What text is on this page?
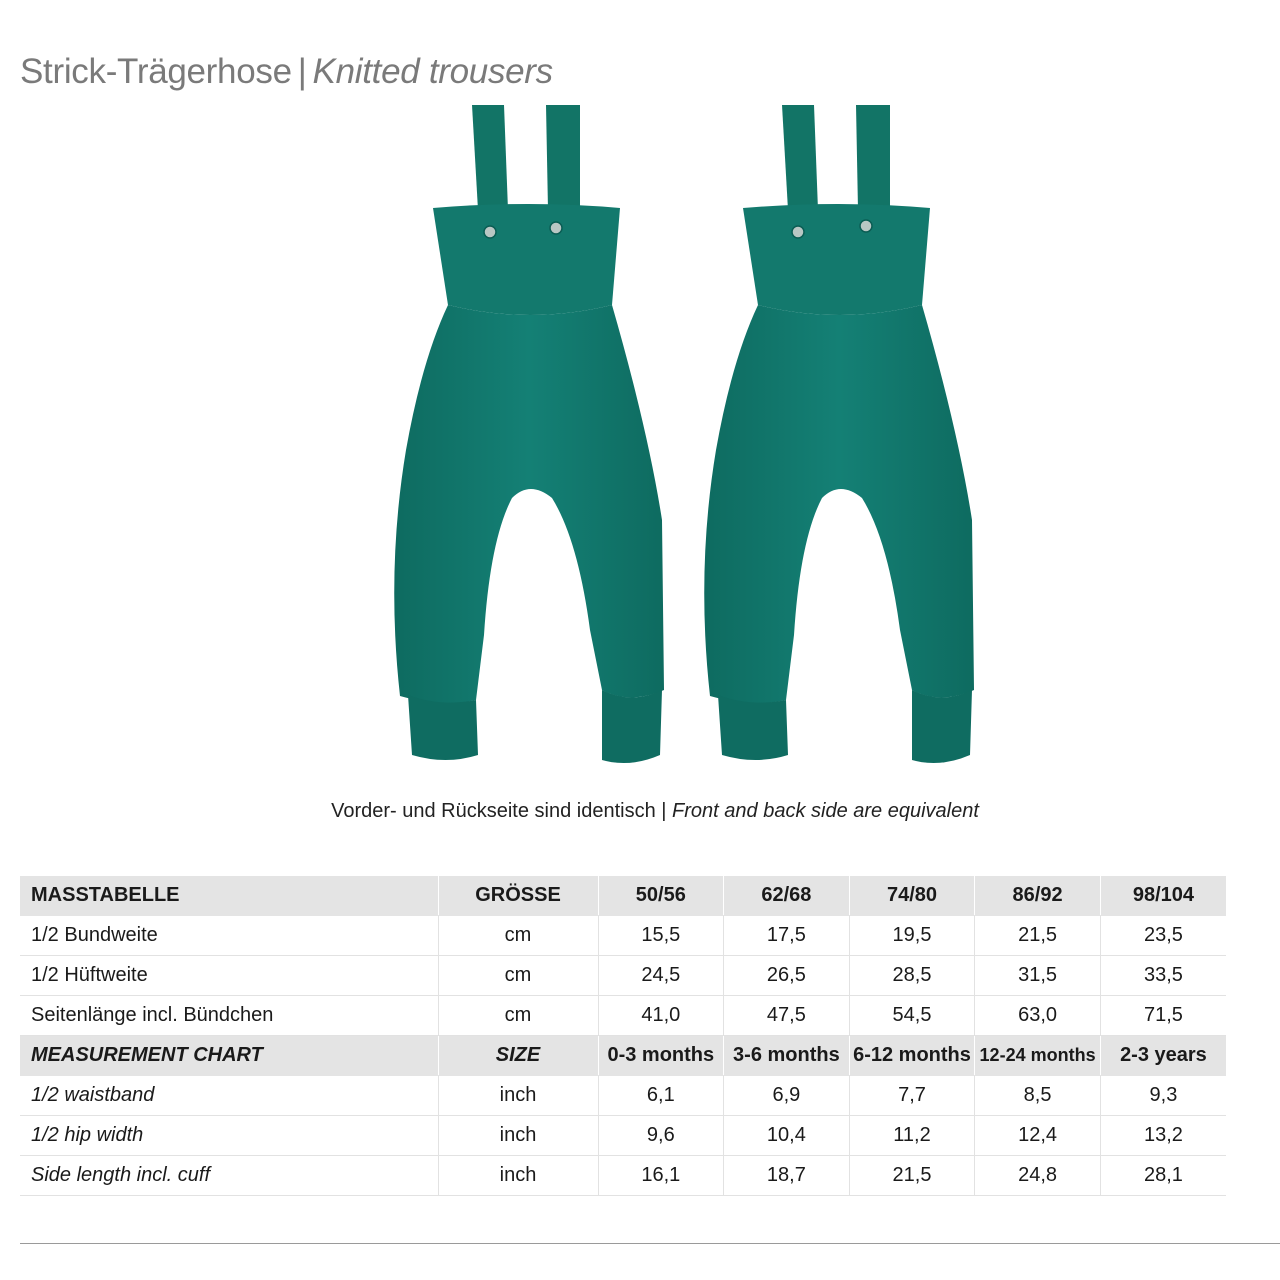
Strick-Trägerhose | Knitted trousers
Vorder- und Rückseite sind identisch | Front and back side are equivalent
MASSTABELLE	GRÖSSE	50/56	62/68	74/80	86/92	98/104
1/2 Bundweite	cm	15,5	17,5	19,5	21,5	23,5
1/2 Hüftweite	cm	24,5	26,5	28,5	31,5	33,5
Seitenlänge incl. Bündchen	cm	41,0	47,5	54,5	63,0	71,5
MEASUREMENT CHART	SIZE	0-3 months	3-6 months	6-12 months	12-24 months	2-3 years
1/2 waistband	inch	6,1	6,9	7,7	8,5	9,3
1/2 hip width	inch	9,6	10,4	11,2	12,4	13,2
Side length incl. cuff	inch	16,1	18,7	21,5	24,8	28,1
